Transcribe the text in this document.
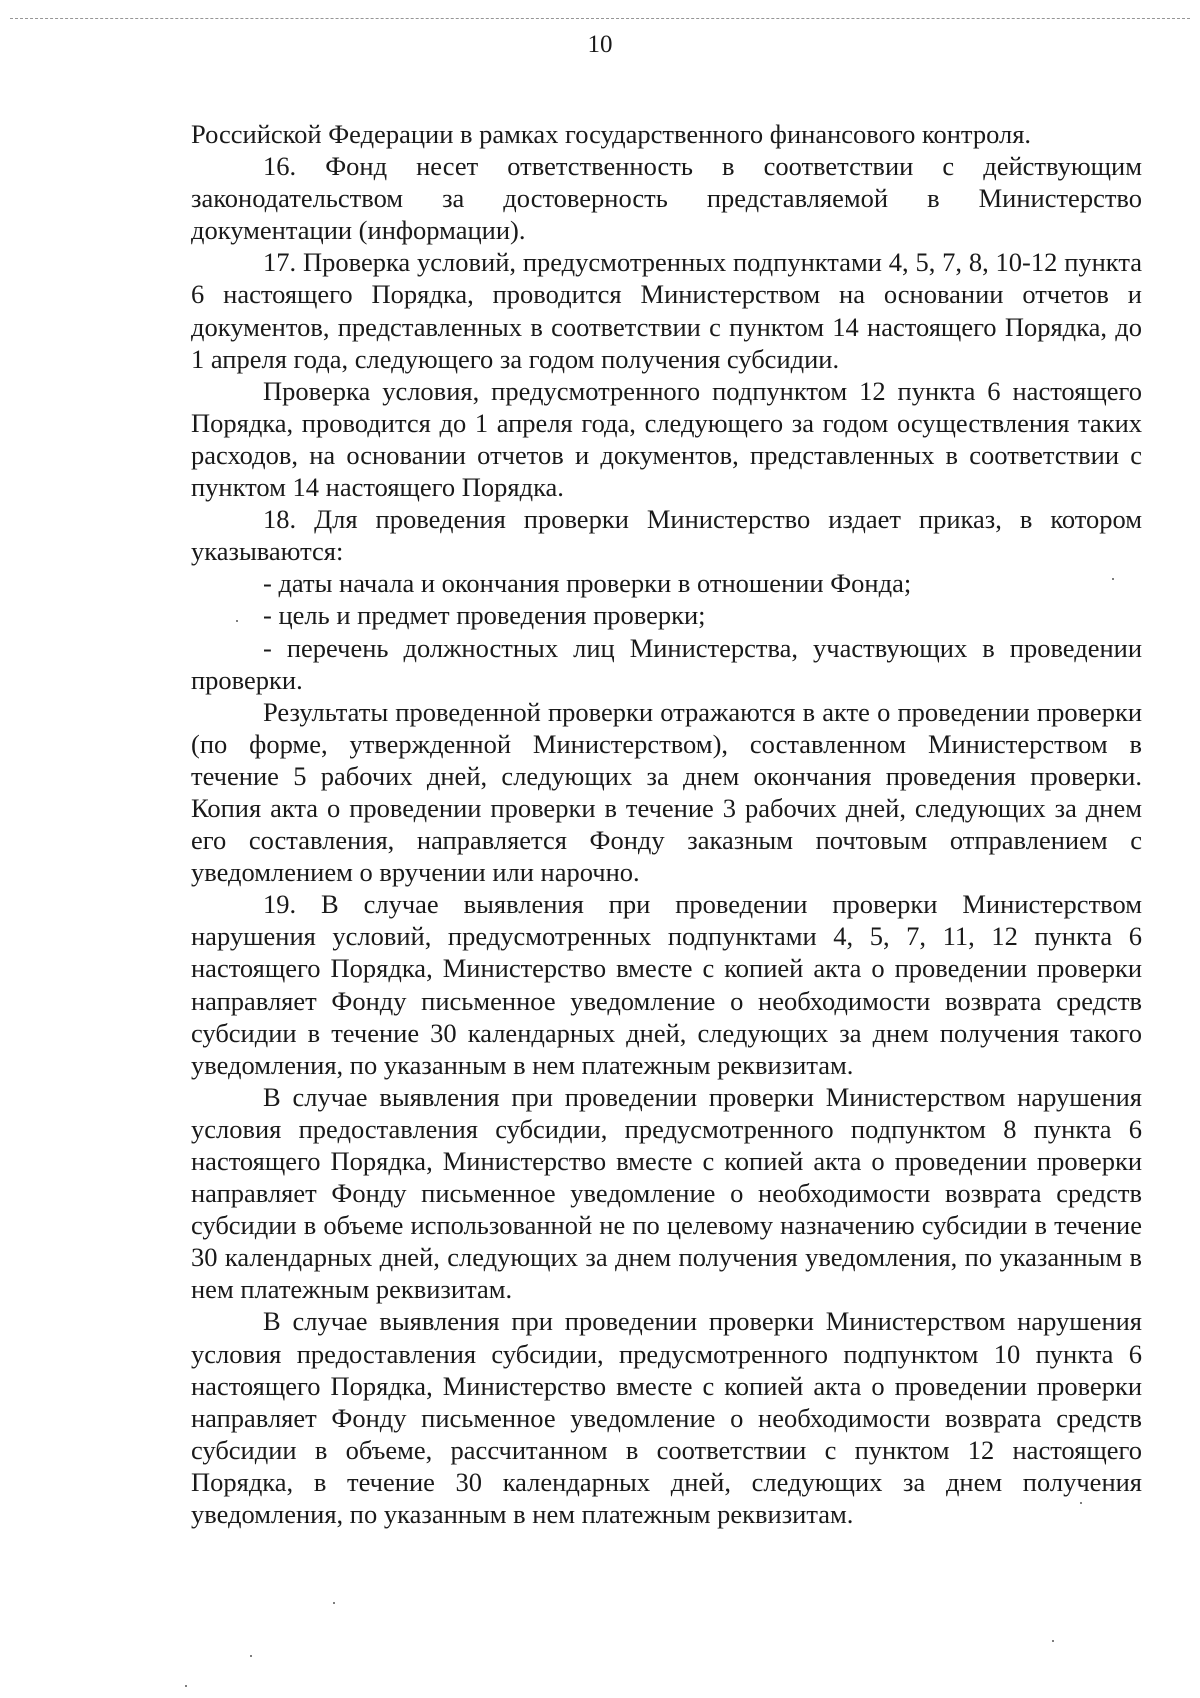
10

Российской Федерации в рамках государственного финансового контроля.

16. Фонд несет ответственность в соответствии с действующим законодательством за достоверность представляемой в Министерство документации (информации).

17. Проверка условий, предусмотренных подпунктами 4, 5, 7, 8, 10-12 пункта 6 настоящего Порядка, проводится Министерством на основании отчетов и документов, представленных в соответствии с пунктом 14 настоящего Порядка, до 1 апреля года, следующего за годом получения субсидии.

Проверка условия, предусмотренного подпунктом 12 пункта 6 настоящего Порядка, проводится до 1 апреля года, следующего за годом осуществления таких расходов, на основании отчетов и документов, представленных в соответствии с пунктом 14 настоящего Порядка.

18. Для проведения проверки Министерство издает приказ, в котором указываются:

- даты начала и окончания проверки в отношении Фонда;

- цель и предмет проведения проверки;

- перечень должностных лиц Министерства, участвующих в проведении проверки.

Результаты проведенной проверки отражаются в акте о проведении проверки (по форме, утвержденной Министерством), составленном Министерством в течение 5 рабочих дней, следующих за днем окончания проведения проверки. Копия акта о проведении проверки в течение 3 рабочих дней, следующих за днем его составления, направляется Фонду заказным почтовым отправлением с уведомлением о вручении или нарочно.

19. В случае выявления при проведении проверки Министерством нарушения условий, предусмотренных подпунктами 4, 5, 7, 11, 12 пункта 6 настоящего Порядка, Министерство вместе с копией акта о проведении проверки направляет Фонду письменное уведомление о необходимости возврата средств субсидии в течение 30 календарных дней, следующих за днем получения такого уведомления, по указанным в нем платежным реквизитам.

В случае выявления при проведении проверки Министерством нарушения условия предоставления субсидии, предусмотренного подпунктом 8 пункта 6 настоящего Порядка, Министерство вместе с копией акта о проведении проверки направляет Фонду письменное уведомление о необходимости возврата средств субсидии в объеме использованной не по целевому назначению субсидии в течение 30 календарных дней, следующих за днем получения уведомления, по указанным в нем платежным реквизитам.

В случае выявления при проведении проверки Министерством нарушения условия предоставления субсидии, предусмотренного подпунктом 10 пункта 6 настоящего Порядка, Министерство вместе с копией акта о проведении проверки направляет Фонду письменное уведомление о необходимости возврата средств субсидии в объеме, рассчитанном в соответствии с пунктом 12 настоящего Порядка, в течение 30 календарных дней, следующих за днем получения уведомления, по указанным в нем платежным реквизитам.
